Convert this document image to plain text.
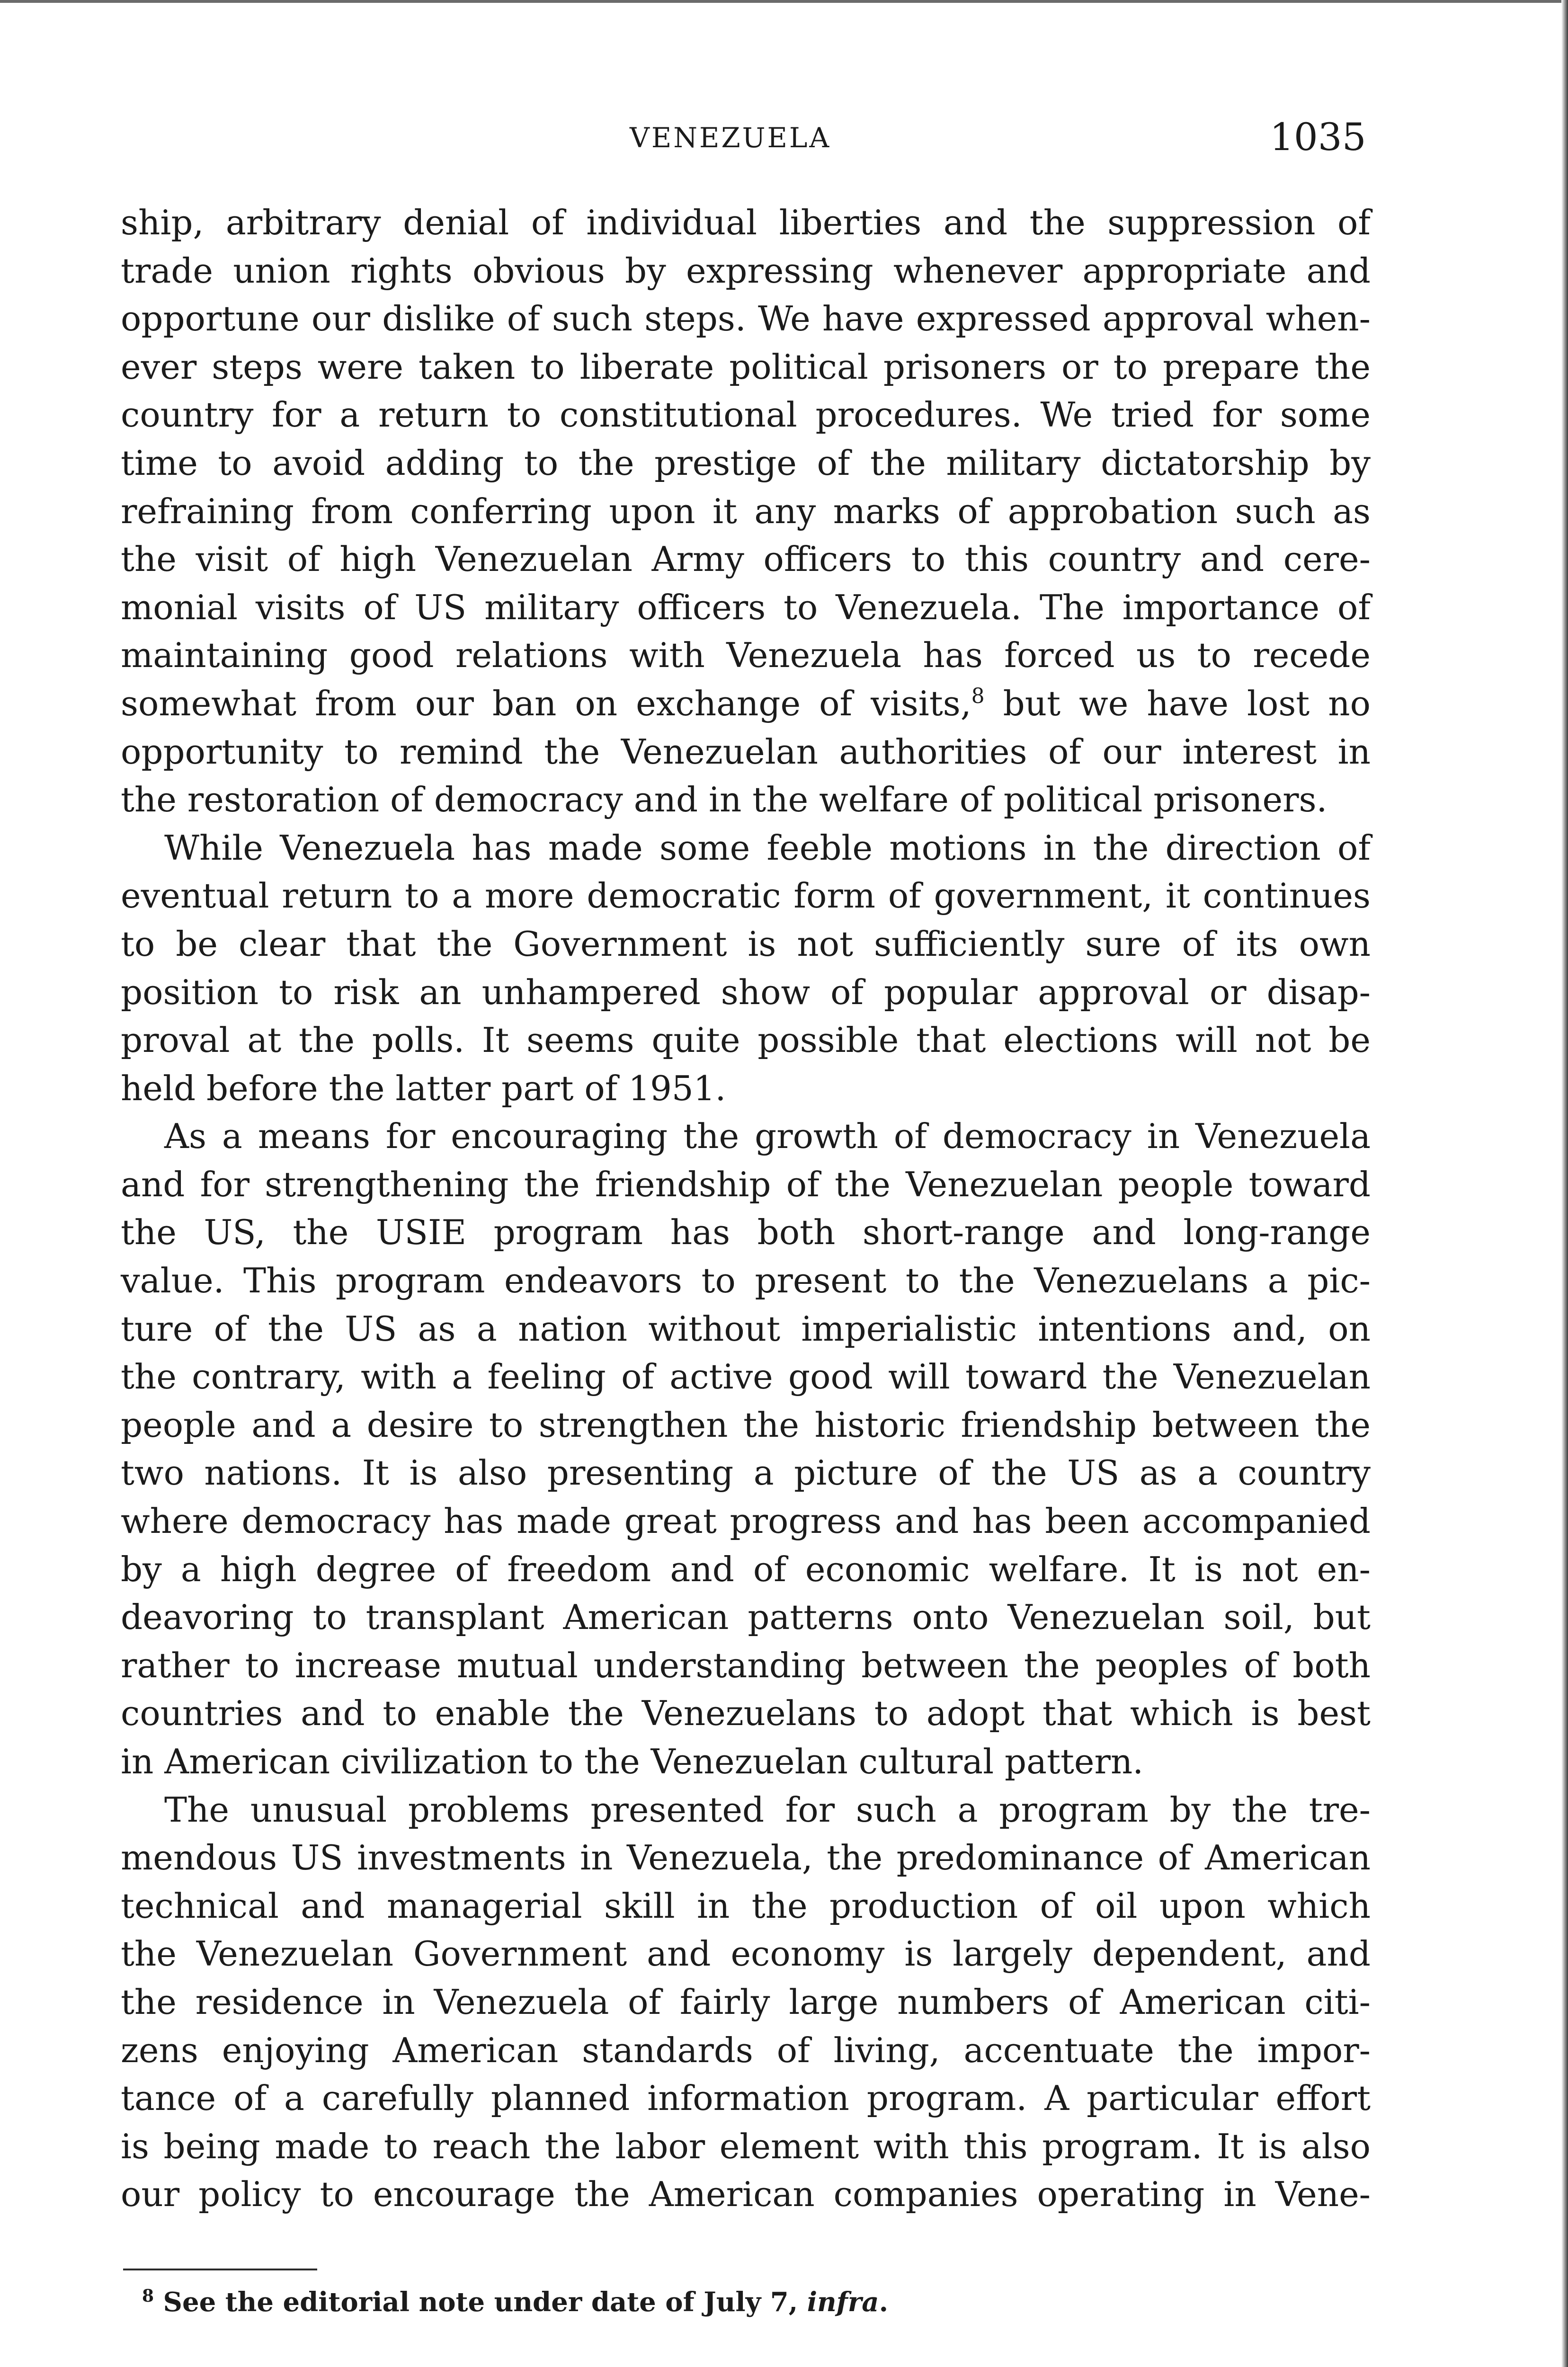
VENEZUELA	1035

ship, arbitrary denial of individual liberties and the suppression of
trade union rights obvious by expressing whenever appropriate and
opportune our dislike of such steps. We have expressed approval when-
ever steps were taken to liberate political prisoners or to prepare the
country for a return to constitutional procedures. We tried for some
time to avoid adding to the prestige of the military dictatorship by
refraining from conferring upon it any marks of approbation such as
the visit of high Venezuelan Army officers to this country and cere-
monial visits of US military officers to Venezuela. The importance of
maintaining good relations with Venezuela has forced us to recede
somewhat from our ban on exchange of visits,$^8$ but we have lost no
opportunity to remind the Venezuelan authorities of our interest in
the restoration of democracy and in the welfare of political prisoners.

While Venezuela has made some feeble motions in the direction of
eventual return to a more democratic form of government, it continues
to be clear that the Government is not sufficiently sure of its own
position to risk an unhampered show of popular approval or disap-
proval at the polls. It seems quite possible that elections will not be
held before the latter part of 1951.

As a means for encouraging the growth of democracy in Venezuela
and for strengthening the friendship of the Venezuelan people toward
the US, the USIE program has both short-range and long-range
value. This program endeavors to present to the Venezuelans a pic-
ture of the US as a nation without imperialistic intentions and, on
the contrary, with a feeling of active good will toward the Venezuelan
people and a desire to strengthen the historic friendship between the
two nations. It is also presenting a picture of the US as a country
where democracy has made great progress and has been accompanied
by a high degree of freedom and of economic welfare. It is not en-
deavoring to transplant American patterns onto Venezuelan soil, but
rather to increase mutual understanding between the peoples of both
countries and to enable the Venezuelans to adopt that which is best
in American civilization to the Venezuelan cultural pattern.

The unusual problems presented for such a program by the tre-
mendous US investments in Venezuela, the predominance of American
technical and managerial skill in the production of oil upon which
the Venezuelan Government and economy is largely dependent, and
the residence in Venezuela of fairly large numbers of American citi-
zens enjoying American standards of living, accentuate the impor-
tance of a carefully planned information program. A particular effort
is being made to reach the labor element with this program. It is also
our policy to encourage the American companies operating in Vene-

$^8$ See the editorial note under date of July 7, infra.
